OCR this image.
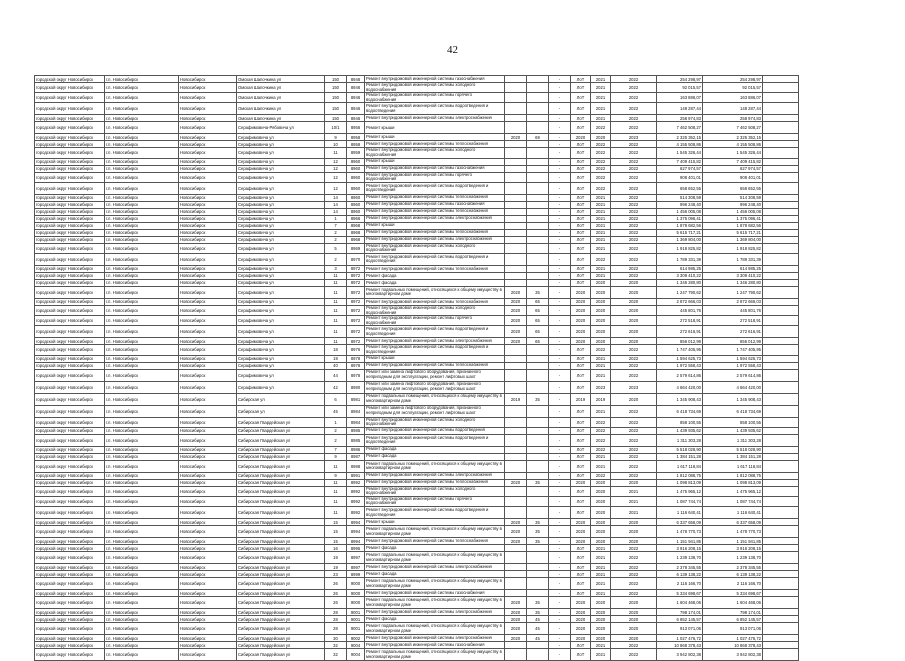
42
городской округ Новосибирск	г.п. Новосибирск	Новосибирск	Омская Шапочкина ул	150	8946	Ремонт внутридомовой инженерной системы газоснабжения			-	ЛоТ	2021	2022	254 298,97	254 298,97	
городской округ Новосибирск	г.п. Новосибирск	Новосибирск	Омская Шапочкина ул	150	8946	Ремонт внутридомовой инженерной системы холодного водоснабжения			-	ЛоТ	2021	2022	92 015,57	92 015,57	
городской округ Новосибирск	г.п. Новосибирск	Новосибирск	Омская Шапочкина ул	150	8946	Ремонт внутридомовой инженерной системы горячего водоснабжения			-	ЛоТ	2021	2022	163 886,07	163 886,07	
городской округ Новосибирск	г.п. Новосибирск	Новосибирск	Омская Шапочкина ул	150	8946	Ремонт внутридомовой инженерной системы водоотведения и водоотведения			-	ЛоТ	2021	2022	148 287,44	148 287,44	
городской округ Новосибирск	г.п. Новосибирск	Новосибирск	Омская Шапочкина ул	150	8946	Ремонт внутридомовой инженерной системы электроснабжения			-	ЛоТ	2021	2022	258 974,83	258 974,83	
городской округ Новосибирск	г.п. Новосибирск	Новосибирск	Серафимовича-Рябовича ул	10/1	8956	Ремонт крыши			-	ЛоТ	2022	2022	7 462 508,27	7 462 508,27	
городской округ Новосибирск	г.п. Новосибирск	Новосибирск	Серафимовича ул	9	8958	Ремонт крыши	2020	69	-	2020	2020	2023	2 325 352,15	2 325 352,15	
городской округ Новосибирск	г.п. Новосибирск	Новосибирск	Серафимовича ул	10	8958	Ремонт внутридомовой инженерной системы теплоснабжения			-	ЛоТ	2022	2022	4 155 508,86	4 155 508,86	
городской округ Новосибирск	г.п. Новосибирск	Новосибирск	Серафимовича ул	11	8959	Ремонт внутридомовой инженерной системы холодного водоснабжения			-	ЛоТ	2022	2022	1 545 326,44	1 545 326,44	
городской округ Новосибирск	г.п. Новосибирск	Новосибирск	Серафимовича ул	12	8960	Ремонт крыши			-	ЛоТ	2022	2022	7 409 415,82	7 409 415,82	
городской округ Новосибирск	г.п. Новосибирск	Новосибирск	Серафимовича ул	12	8960	Ремонт внутридомовой инженерной системы газоснабжения			-	ЛоТ	2022	2022	627 974,57	627 974,57	
городской округ Новосибирск	г.п. Новосибирск	Новосибирск	Серафимовича ул	12	8960	Ремонт внутридомовой инженерной системы горячего водоснабжения			-	ЛоТ	2022	2022	908 401,01	908 401,01	
городской округ Новосибирск	г.п. Новосибирск	Новосибирск	Серафимовича ул	12	8960	Ремонт внутридомовой инженерной системы водоотведения и водоотведения			-	ЛоТ	2022	2022	658 652,55	658 652,55	
городской округ Новосибирск	г.п. Новосибирск	Новосибирск	Серафимовича ул	14	8960	Ремонт внутридомовой инженерной системы теплоснабжения			-	ЛоТ	2021	2022	514 308,59	514 308,59	
городской округ Новосибирск	г.п. Новосибирск	Новосибирск	Серафимовича ул	14	8960	Ремонт внутридомовой инженерной системы газоснабжения			-	ЛоТ	2021	2022	996 248,40	996 248,40	
городской округ Новосибирск	г.п. Новосибирск	Новосибирск	Серафимовича ул	14	8960	Ремонт внутридомовой инженерной системы теплоснабжения			-	ЛоТ	2021	2022	1 456 005,08	1 456 005,08	
городской округ Новосибирск	г.п. Новосибирск	Новосибирск	Серафимовича ул	1	8966	Ремонт внутридомовой инженерной системы электроснабжения			-	ЛоТ	2021	2022	1 375 096,41	1 375 096,41	
городской округ Новосибирск	г.п. Новосибирск	Новосибирск	Серафимовича ул	7	8968	Ремонт крыши			-	ЛоТ	2021	2022	1 878 682,56	1 878 682,56	
городской округ Новосибирск	г.п. Новосибирск	Новосибирск	Серафимовича ул	2	8968	Ремонт внутридомовой инженерной системы теплоснабжения			-	ЛоТ	2021	2022	5 615 717,21	5 615 717,21	
городской округ Новосибирск	г.п. Новосибирск	Новосибирск	Серафимовича ул	2	8968	Ремонт внутридомовой инженерной системы электроснабжения			-	ЛоТ	2021	2022	1 369 804,00	1 369 804,00	
городской округ Новосибирск	г.п. Новосибирск	Новосибирск	Серафимовича ул	5	8969	Ремонт внутридомовой инженерной системы холодного водоснабжения			-	ЛоТ	2021	2022	1 918 825,82	1 918 825,82	
городской округ Новосибирск	г.п. Новосибирск	Новосибирск	Серафимовича ул	2	8970	Ремонт внутридомовой инженерной системы водоотведения и водоотведения			-	ЛоТ	2022	2022	1 789 331,39	1 789 331,39	
городской округ Новосибирск	г.п. Новосибирск	Новосибирск	Серафимовича ул	3	8972	Ремонт внутридомовой инженерной системы теплоснабжения			-	ЛоТ	2021	2022	614 985,25	614 985,25	
городской округ Новосибирск	г.п. Новосибирск	Новосибирск	Серафимовича ул	11	8972	Ремонт фасада			-	ЛоТ	2021	2022	3 309 410,22	3 309 410,22	
городской округ Новосибирск	г.п. Новосибирск	Новосибирск	Серафимовича ул	11	8972	Ремонт фасада			-	ЛоТ	2020	2020	1 346 280,80	1 346 280,80	
городской округ Новосибирск	г.п. Новосибирск	Новосибирск	Серафимовича ул	11	8972	Ремонт подвальных помещений, относящихся к общему имуществу в многоквартирном доме	2020	35	-	2020	2020	2020	1 247 790,62	1 247 790,62	
городской округ Новосибирск	г.п. Новосибирск	Новосибирск	Серафимовича ул	11	8972	Ремонт внутридомовой инженерной системы теплоснабжения	2020	65	-	2020	2020	2020	2 872 666,03	2 872 666,03	
городской округ Новосибирск	г.п. Новосибирск	Новосибирск	Серафимовича ул	11	8972	Ремонт внутридомовой инженерной системы холодного водоснабжения	2020	65	-	2020	2020	2020	445 801,76	445 801,76	
городской округ Новосибирск	г.п. Новосибирск	Новосибирск	Серафимовича ул	11	8972	Ремонт внутридомовой инженерной системы горячего водоснабжения	2020	65	-	2020	2020	2020	272 518,91	272 518,91	
городской округ Новосибирск	г.п. Новосибирск	Новосибирск	Серафимовича ул	11	8972	Ремонт внутридомовой инженерной системы водоотведения и водоотведения	2020	65	-	2020	2020	2020	272 616,91	272 616,91	
городской округ Новосибирск	г.п. Новосибирск	Новосибирск	Серафимовича ул	11	8972	Ремонт внутридомовой инженерной системы электроснабжения	2020	65	-	2020	2020	2020	856 012,99	856 012,99	
городской округ Новосибирск	г.п. Новосибирск	Новосибирск	Серафимовича ул	18	8976	Ремонт внутридомовой инженерной системы водоотведения и водоотведения			-	ЛоТ	2022	2022	1 747 405,95	1 747 405,95	
городской округ Новосибирск	г.п. Новосибирск	Новосибирск	Серафимовича ул	19	8978	Ремонт крыши			-	ЛоТ	2021	2022	1 594 625,73	1 594 625,73	
городской округ Новосибирск	г.п. Новосибирск	Новосибирск	Серафимовича ул	40	8978	Ремонт внутридомовой инженерной системы теплоснабжения			-	ЛоТ	2021	2022	1 972 558,43	1 972 558,43	
городской округ Новосибирск	г.п. Новосибирск	Новосибирск	Серафимовича ул	44	8978	Ремонт или замена лифтового оборудования, признанного непригодным для эксплуатации, ремонт лифтовых шахт			-	ЛоТ	2021	2022	2 579 614,86	2 579 614,86	
городской округ Новосибирск	г.п. Новосибирск	Новосибирск	Серафимовича ул	42	8980	Ремонт или замена лифтового оборудования, признанного непригодным для эксплуатации, ремонт лифтовых шахт			-	ЛоТ	2023	2023	4 664 420,00	4 664 420,00	
городской округ Новосибирск	г.п. Новосибирск	Новосибирск	Сибирская ул	6	8981	Ремонт подвальных помещений, относящихся к общему имуществу в многоквартирном доме	2019	35	-	2019	2019	2020	1 345 908,43	1 345 908,43	
городской округ Новосибирск	г.п. Новосибирск	Новосибирск	Сибирская ул	45	8984	Ремонт или замена лифтового оборудования, признанного непригодным для эксплуатации, ремонт лифтовых шахт			-	ЛоТ	2021	2022	6 418 734,69	6 418 734,69	
городской округ Новосибирск	г.п. Новосибирск	Новосибирск	Сибирская Гвардейская ул	1	8984	Ремонт внутридомовой инженерной системы холодного водоснабжения			-	ЛоТ	2022	2022	858 100,55	858 100,55	
городской округ Новосибирск	г.п. Новосибирск	Новосибирск	Сибирская Гвардейская ул	2	8985	Ремонт внутридомовой инженерной системы водоотведения			-	ЛоТ	2022	2022	1 439 935,62	1 439 935,62	
городской округ Новосибирск	г.п. Новосибирск	Новосибирск	Сибирская Гвардейская ул	2	8985	Ремонт внутридомовой инженерной системы водоотведения и водоотведения			-	ЛоТ	2022	2022	1 311 303,28	1 311 303,28	
городской округ Новосибирск	г.п. Новосибирск	Новосибирск	Сибирская Гвардейская ул	7	8986	Ремонт фасада			-	ЛоТ	2022	2022	5 518 028,90	5 518 028,90	
городской округ Новосибирск	г.п. Новосибирск	Новосибирск	Сибирская Гвардейская ул	9	8987	Ремонт фасада			-	ЛоТ	2021	2022	1 384 151,28	1 384 151,28	
городской округ Новосибирск	г.п. Новосибирск	Новосибирск	Сибирская Гвардейская ул	11	8988	Ремонт подвальных помещений, относящихся к общему имуществу в многоквартирном доме			-	ЛоТ	2021	2022	1 617 118,84	1 617 118,84	
городской округ Новосибирск	г.п. Новосибирск	Новосибирск	Сибирская Гвардейская ул	9	8991	Ремонт внутридомовой инженерной системы электроснабжения			-	ЛоТ	2022	2022	1 812 088,75	1 812 088,75	
городской округ Новосибирск	г.п. Новосибирск	Новосибирск	Сибирская Гвардейская ул	11	8992	Ремонт внутридомовой инженерной системы теплоснабжения	2020	35	-	2020	2020	2020	1 098 813,09	1 098 813,09	
городской округ Новосибирск	г.п. Новосибирск	Новосибирск	Сибирская Гвардейская ул	11	8992	Ремонт внутридомовой инженерной системы холодного водоснабжения			-	ЛоТ	2020	2021	1 475 965,12	1 475 965,12	
городской округ Новосибирск	г.п. Новосибирск	Новосибирск	Сибирская Гвардейская ул	11	8992	Ремонт внутридомовой инженерной системы горячего водоснабжения			-	ЛоТ	2020	2021	1 087 744,74	1 087 744,74	
городской округ Новосибирск	г.п. Новосибирск	Новосибирск	Сибирская Гвардейская ул	11	8992	Ремонт внутридомовой инженерной системы водоотведения и водоотведения			-	ЛоТ	2020	2021	1 116 640,41	1 116 640,41	
городской округ Новосибирск	г.п. Новосибирск	Новосибирск	Сибирская Гвардейская ул	15	8994	Ремонт крыши	2020	35	-	2020	2020	2020	6 337 658,09	6 337 658,09	
городской округ Новосибирск	г.п. Новосибирск	Новосибирск	Сибирская Гвардейская ул	15	8994	Ремонт подвальных помещений, относящихся к общему имуществу в многоквартирном доме	2020	35	-	2020	2020	2020	1 478 770,73	1 478 770,73	
городской округ Новосибирск	г.п. Новосибирск	Новосибирск	Сибирская Гвардейская ул	15	8994	Ремонт внутридомовой инженерной системы теплоснабжения	2020	35	-	2020	2020	2020	1 151 941,85	1 151 941,85	
городской округ Новосибирск	г.п. Новосибирск	Новосибирск	Сибирская Гвардейская ул	16	8995	Ремонт фасада			-	ЛоТ	2021	2022	3 916 208,15	3 916 208,15	
городской округ Новосибирск	г.п. Новосибирск	Новосибирск	Сибирская Гвардейская ул	19	8997	Ремонт подвальных помещений, относящихся к общему имуществу в многоквартирном доме			-	ЛоТ	2021	2022	1 239 138,70	1 239 138,70	
городской округ Новосибирск	г.п. Новосибирск	Новосибирск	Сибирская Гвардейская ул	19	8997	Ремонт внутридомовой инженерной системы электроснабжения			-	ЛоТ	2021	2022	2 378 345,55	2 378 345,55	
городской округ Новосибирск	г.п. Новосибирск	Новосибирск	Сибирская Гвардейская ул	23	8999	Ремонт фасада			-	ЛоТ	2021	2022	6 139 138,22	6 139 138,22	
городской округ Новосибирск	г.п. Новосибирск	Новосибирск	Сибирская Гвардейская ул	26	9000	Ремонт подвальных помещений, относящихся к общему имуществу в многоквартирном доме			-	ЛоТ	2021	2022	2 116 166,70	2 116 166,70	
городской округ Новосибирск	г.п. Новосибирск	Новосибирск	Сибирская Гвардейская ул	26	9000	Ремонт внутридомовой инженерной системы газоснабжения			-	ЛоТ	2021	2022	5 334 698,67	5 334 698,67	
городской округ Новосибирск	г.п. Новосибирск	Новосибирск	Сибирская Гвардейская ул	26	9000	Ремонт подвальных помещений, относящихся к общему имуществу в многоквартирном доме	2020	35	-	2020	2020	2020	1 604 468,06	1 604 468,06	
городской округ Новосибирск	г.п. Новосибирск	Новосибирск	Сибирская Гвардейская ул	28	9001	Ремонт внутридомовой инженерной системы электроснабжения	2020	35	-	2020	2020	2020	798 174,01	798 174,01	
городской округ Новосибирск	г.п. Новосибирск	Новосибирск	Сибирская Гвардейская ул	28	9001	Ремонт фасада	2020	45	-	2020	2020	2020	6 852 145,57	6 852 145,57	
городской округ Новосибирск	г.п. Новосибирск	Новосибирск	Сибирская Гвардейская ул	28	9001	Ремонт подвальных помещений, относящихся к общему имуществу в многоквартирном доме	2020	45	-	2020	2020	2020	913 071,06	913 071,06	
городской округ Новосибирск	г.п. Новосибирск	Новосибирск	Сибирская Гвардейская ул	30	9002	Ремонт внутридомовой инженерной системы электроснабжения	2020	45	-	2020	2020	2020	1 027 476,72	1 027 476,72	
городской округ Новосибирск	г.п. Новосибирск	Новосибирск	Сибирская Гвардейская ул	32	9004	Ремонт внутридомовой инженерной системы газоснабжения			-	ЛоТ	2021	2022	10 868 378,43	10 868 378,43	
городской округ Новосибирск	г.п. Новосибирск	Новосибирск	Сибирская Гвардейская ул	32	9004	Ремонт подвальных помещений, относящихся к общему имуществу в многоквартирном доме			-	ЛоТ	2021	2022	3 942 802,38	3 942 802,38	
